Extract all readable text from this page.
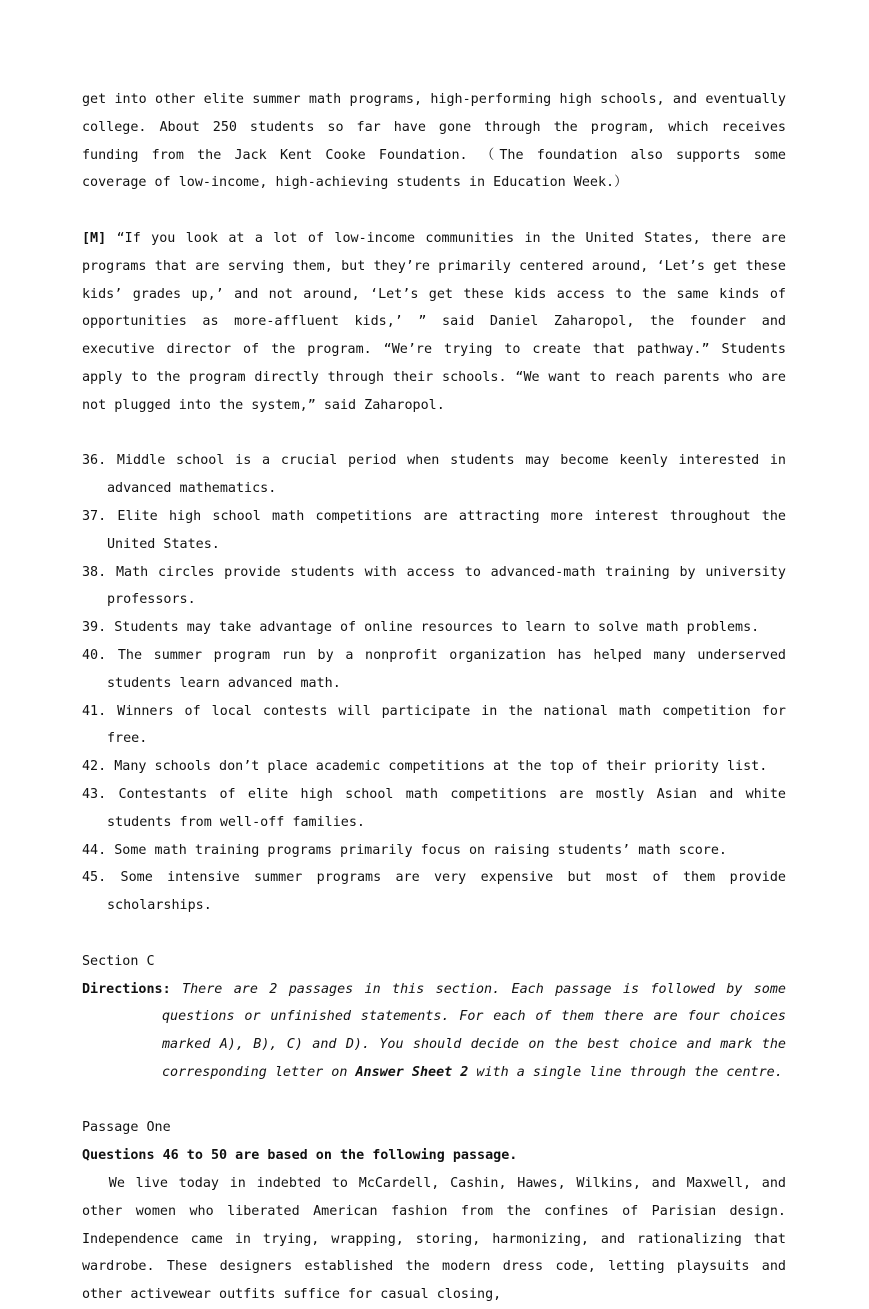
get into other elite summer math programs, high-performing high schools, and eventually college. About 250 students so far have gone through the program, which receives funding from the Jack Kent Cooke Foundation. （The foundation also supports some coverage of low-income, high-achieving students in Education Week.）

[M] “If you look at a lot of low-income communities in the United States, there are programs that are serving them, but they’re primarily centered around, ‘Let’s get these kids’ grades up,’ and not around, ‘Let’s get these kids access to the same kinds of opportunities as more-affluent kids,’ ” said Daniel Zaharopol, the founder and executive director of the program. “We’re trying to create that pathway.” Students apply to the program directly through their schools. “We want to reach parents who are not plugged into the system,” said Zaharopol.

36. Middle school is a crucial period when students may become keenly interested in advanced mathematics.

37. Elite high school math competitions are attracting more interest throughout the United States.

38. Math circles provide students with access to advanced-math training by university professors.

39. Students may take advantage of online resources to learn to solve math problems.

40. The summer program run by a nonprofit organization has helped many underserved students learn advanced math.

41. Winners of local contests will participate in the national math competition for free.

42. Many schools don’t place academic competitions at the top of their priority list.

43. Contestants of elite high school math competitions are mostly Asian and white students from well-off families.

44. Some math training programs primarily focus on raising students’ math score.

45. Some intensive summer programs are very expensive but most of them provide scholarships.

Section C

Directions: There are 2 passages in this section. Each passage is followed by some questions or unfinished statements. For each of them there are four choices marked A), B), C) and D). You should decide on the best choice and mark the corresponding letter on Answer Sheet 2 with a single line through the centre.

Passage One

Questions 46 to 50 are based on the following passage.

We live today in indebted to McCardell, Cashin, Hawes, Wilkins, and Maxwell, and other women who liberated American fashion from the confines of Parisian design. Independence came in trying, wrapping, storing, harmonizing, and rationalizing that wardrobe. These designers established the modern dress code, letting playsuits and other activewear outfits suffice for casual closing,
